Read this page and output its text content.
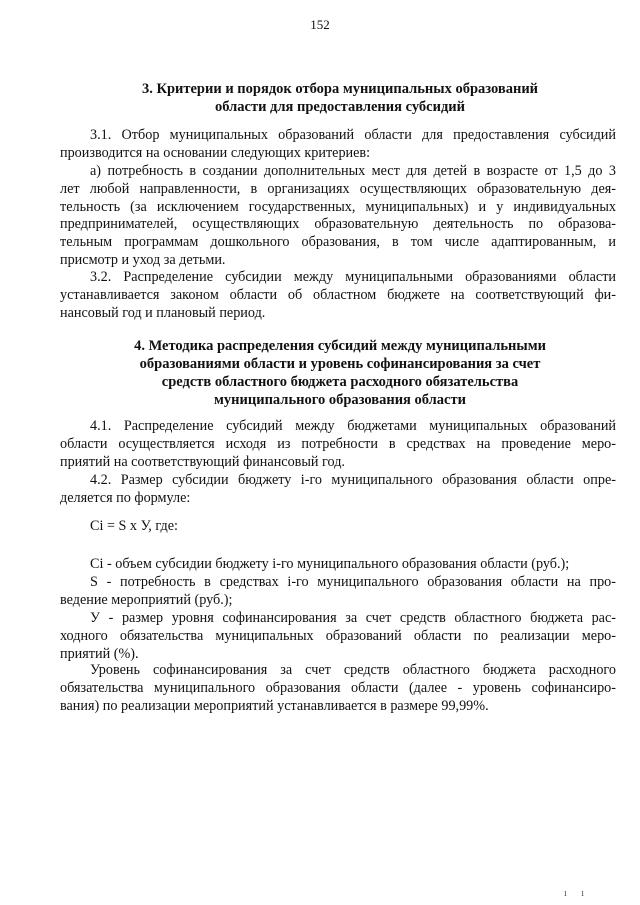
152
3. Критерии и порядок отбора муниципальных образований
области для предоставления субсидий

3.1. Отбор муниципальных образований области для предоставления субсидий
производится на основании следующих критериев:

а) потребность в создании дополнительных мест для детей в возрасте от 1,5 до 3
лет любой направленности, в организациях осуществляющих образовательную дея-
тельность (за исключением государственных, муниципальных) и у индивидуальных
предпринимателей, осуществляющих образовательную деятельность по образова-
тельным программам дошкольного образования, в том числе адаптированным, и
присмотр и уход за детьми.

3.2. Распределение субсидии между муниципальными образованиями области
устанавливается законом области об областном бюджете на соответствующий фи-
нансовый год и плановый период.

4. Методика распределения субсидий между муниципальными
образованиями области и уровень софинансирования за счет
средств областного бюджета расходного обязательства
муниципального образования области

4.1. Распределение субсидий между бюджетами муниципальных образований
области осуществляется исходя из потребности в средствах на проведение меро-
приятий на соответствующий финансовый год.

4.2. Размер субсидии бюджету i-го муниципального образования области опре-
деляется по формуле:

Ci = S x У, где:

Ci - объем субсидии бюджету i-го муниципального образования области (руб.);

S - потребность в средствах i-го муниципального образования области на про-
ведение мероприятий (руб.);

У - размер уровня софинансирования за счет средств областного бюджета рас-
ходного обязательства муниципальных образований области по реализации меро-
приятий (%).

Уровень софинансирования за счет средств областного бюджета расходного
обязательства муниципального образования области (далее - уровень софинансиро-
вания) по реализации мероприятий устанавливается в размере 99,99%.

ı ı
